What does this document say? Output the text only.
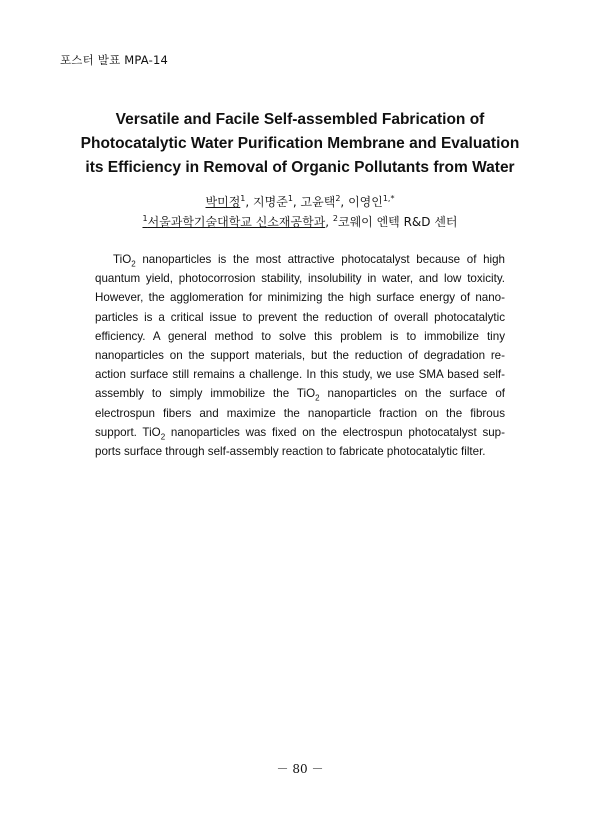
포스터 발표 MPA-14
Versatile and Facile Self-assembled Fabrication of
Photocatalytic Water Purification Membrane and Evaluation
its Efficiency in Removal of Organic Pollutants from Water
박미정$^1$, 지명준$^1$, 고윤택$^2$, 이영인$^{1,*}$
$^1$서울과학기술대학교 신소재공학과, $^2$코웨이 엔텍 R&D 센터
TiO$_2$ nanoparticles is the most attractive photocatalyst because of high quantum yield, photocorrosion stability, insolubility in water, and low toxicity. However, the agglomeration for minimizing the high surface energy of nano-particles is a critical issue to prevent the reduction of overall photocatalytic efficiency. A general method to solve this problem is to immobilize tiny nanoparticles on the support materials, but the reduction of degradation re-action surface still remains a challenge. In this study, we use SMA based self-assembly to simply immobilize the TiO$_2$ nanoparticles on the surface of electrospun fibers and maximize the nanoparticle fraction on the fibrous support. TiO$_2$ nanoparticles was fixed on the electrospun photocatalyst sup-ports surface through self-assembly reaction to fabricate photocatalytic filter.
－ 80 －
